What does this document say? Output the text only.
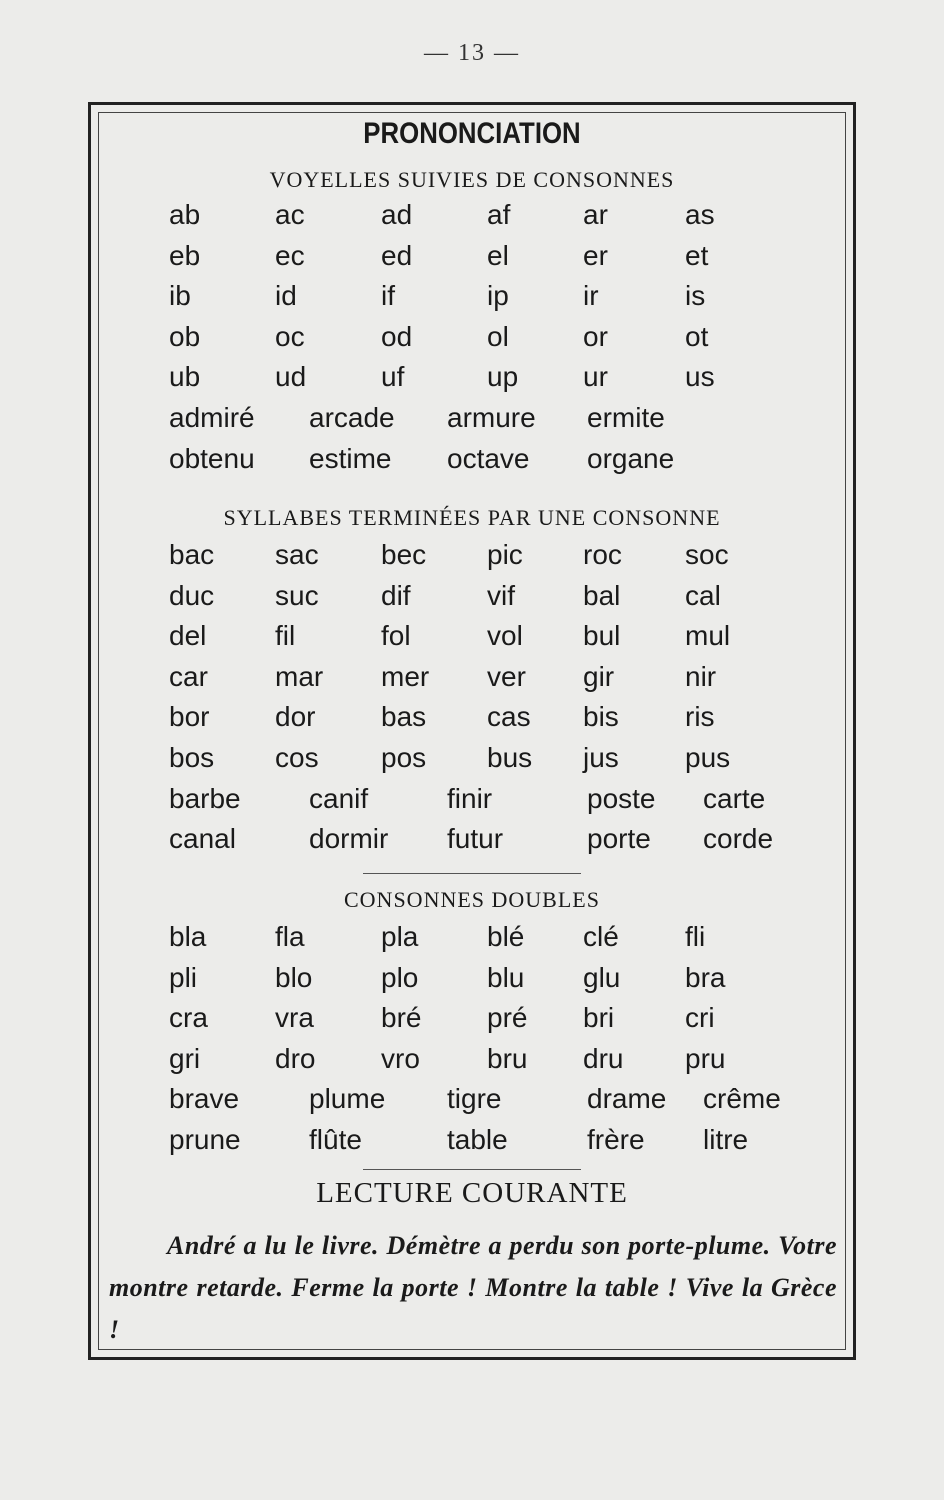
— 13 —
PRONONCIATION
VOYELLES SUIVIES DE CONSONNES
ab	ac	ad	af	ar	as
eb	ec	ed	el	er	et
ib	id	if	ip	ir	is
ob	oc	od	ol	or	ot
ub	ud	uf	up ur	us
admiré arcade armure ermite
obtenu estime octave organe
SYLLABES TERMINÉES PAR UNE CONSONNE
bac sac bec pic roc soc
duc suc dif	vif bal cal
del fil	fol	vol bul mul
car mar mer ver gir	nir
bor dor bas cas bis ris
bos cos pos bus jus pus
barbe canif	finir	poste carte
canal	dormir futur	porte corde
CONSONNES DOUBLES
bla fla	pla blé clé fli
pli	blo plo blu glu bra
cra vra bré pré bri	cri
gri	dro vro bru dru pru
brave plume tigre	drame crême
prune flûte	table	frère litre
LECTURE COURANTE
André a lu le livre. Démètre a perdu son porte-plume. Votre montre retarde. Ferme la porte ! Montre la table ! Vive la Grèce !
